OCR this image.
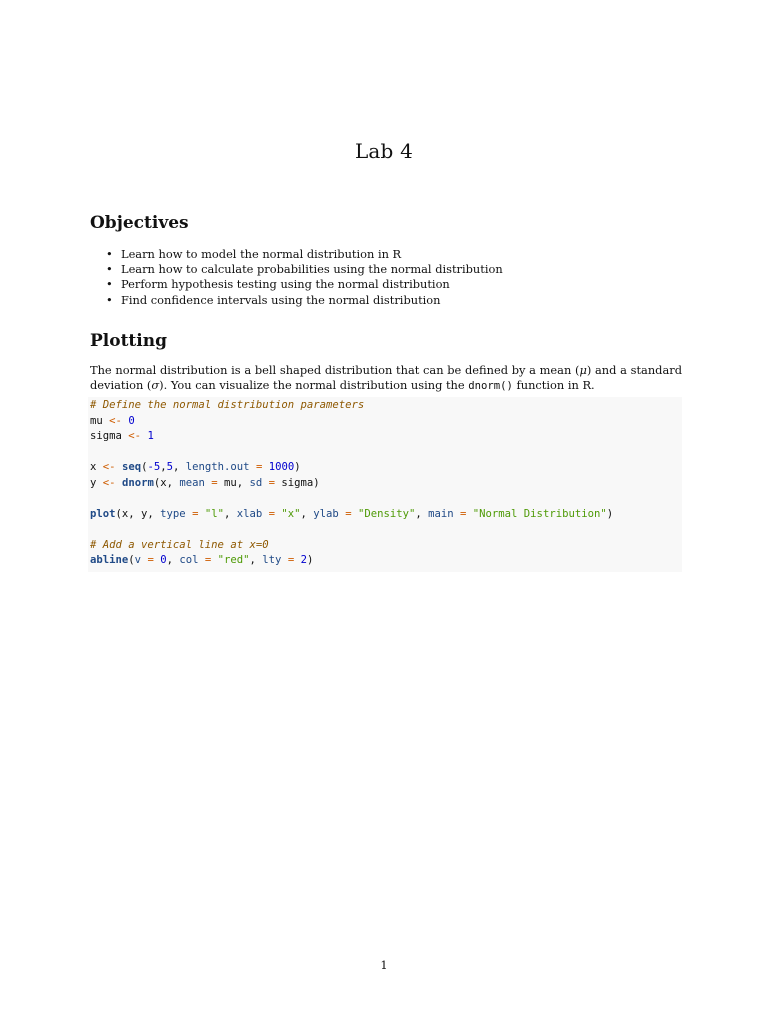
Lab 4
Objectives
• Learn how to model the normal distribution in R
• Learn how to calculate probabilities using the normal distribution
• Perform hypothesis testing using the normal distribution
• Find confidence intervals using the normal distribution
Plotting

The normal distribution is a bell shaped distribution that can be defined by a mean (μ) and a standard deviation (σ). You can visualize the normal distribution using the dnorm() function in R.

# Define the normal distribution parameters
mu <- 0
sigma <- 1
x <- seq(-5,5, length.out = 1000)
y <- dnorm(x, mean = mu, sd = sigma)
plot(x, y, type = "l", xlab = "x", ylab = "Density", main = "Normal Distribution")
# Add a vertical line at x=0
abline(v = 0, col = "red", lty = 2)
1
